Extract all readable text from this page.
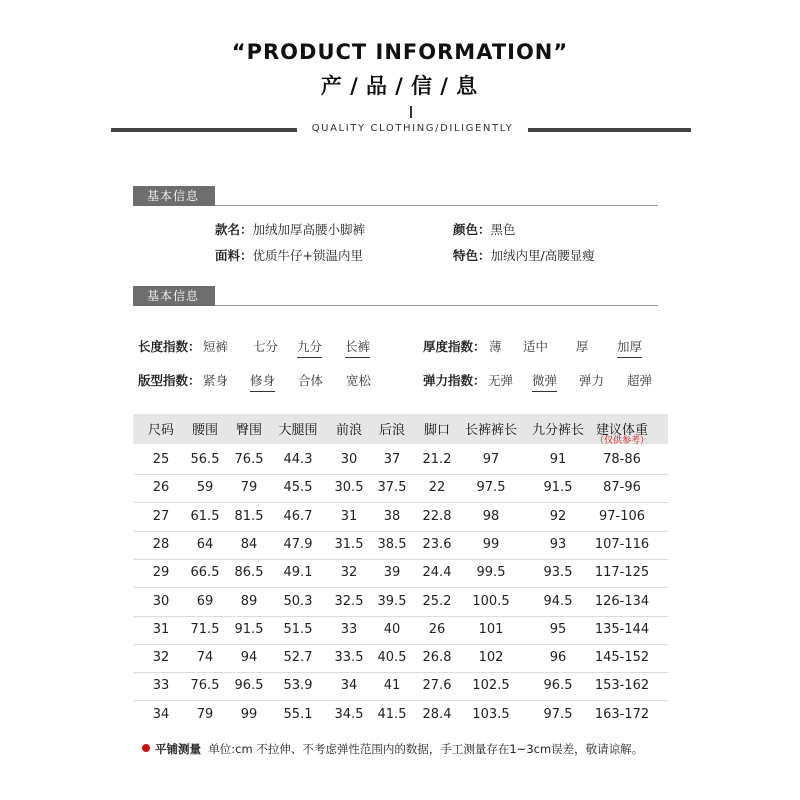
“PRODUCT INFORMATION”
产 / 品 / 信 / 息
QUALITY CLOTHING/DILIGENTLY
基本信息
款名：加绒加厚高腰小脚裤	颜色：黑色
面料：优质牛仔+锁温内里	特色：加绒内里/高腰显瘦
基本信息
长度指数： 短裤 七分 九分 长裤	厚度指数： 薄 适中 厚 加厚
版型指数： 紧身 修身 合体 宽松	弹力指数： 无弹 微弹 弹力 超弹
尺码	腰围	臀围	大腿围	前浪	后浪	脚口	长裤裤长	九分裤长 建议体重
（仅供参考）
25	56.5	76.5	44.3	30	37	21.2	97	91	78-86
26	59	79	45.5	30.5	37.5	22	97.5	91.5	87-96
27	61.5	81.5	46.7	31	38	22.8	98	92	97-106
28	64	84	47.9	31.5	38.5	23.6	99	93	107-116
29	66.5	86.5	49.1	32	39	24.4	99.5	93.5	117-125
30	69	89	50.3	32.5	39.5	25.2	100.5	94.5	126-134
31	71.5	91.5	51.5	33	40	26	101	95	135-144
32	74	94	52.7	33.5	40.5	26.8	102	96	145-152
33	76.5	96.5	53.9	34	41	27.6	102.5	96.5	153-162
34	79	99	55.1	34.5	41.5	28.4	103.5	97.5	163-172
平铺测量 单位:cm 不拉伸、不考虑弹性范围内的数据，手工测量存在1~3cm误差，敬请谅解。
